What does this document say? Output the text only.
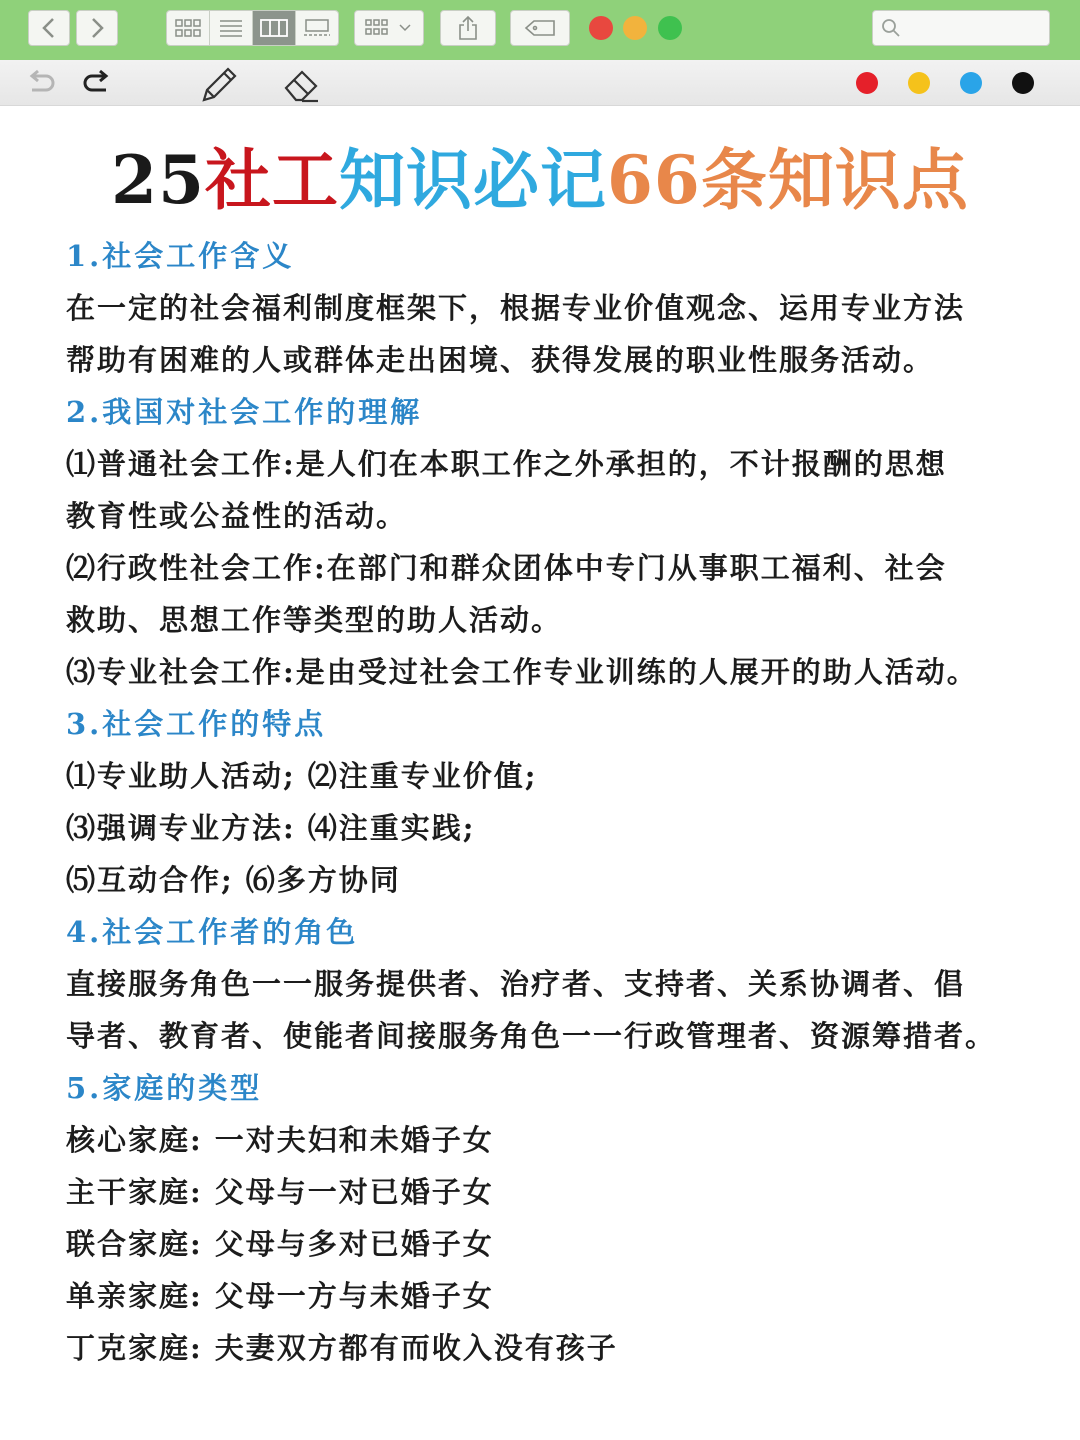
25社工知识必记66条知识点
1.社会工作含义
在一定的社会福利制度框架下，根据专业价值观念、运用专业方法
帮助有困难的人或群体走出困境、获得发展的职业性服务活动。
2.我国对社会工作的理解
⑴普通社会工作:是人们在本职工作之外承担的，不计报酬的思想
教育性或公益性的活动。
⑵行政性社会工作:在部门和群众团体中专门从事职工福利、社会
救助、思想工作等类型的助人活动。
⑶专业社会工作:是由受过社会工作专业训练的人展开的助人活动。
3.社会工作的特点
⑴专业助人活动; ⑵注重专业价值;
⑶强调专业方法: ⑷注重实践;
⑸互动合作; ⑹多方协同
4.社会工作者的角色
直接服务角色一一服务提供者、治疗者、支持者、关系协调者、倡
导者、教育者、使能者间接服务角色一一行政管理者、资源筹措者。
5.家庭的类型
核心家庭: 一对夫妇和未婚子女
主干家庭: 父母与一对已婚子女
联合家庭: 父母与多对已婚子女
单亲家庭: 父母一方与未婚子女
丁克家庭: 夫妻双方都有而收入没有孩子
